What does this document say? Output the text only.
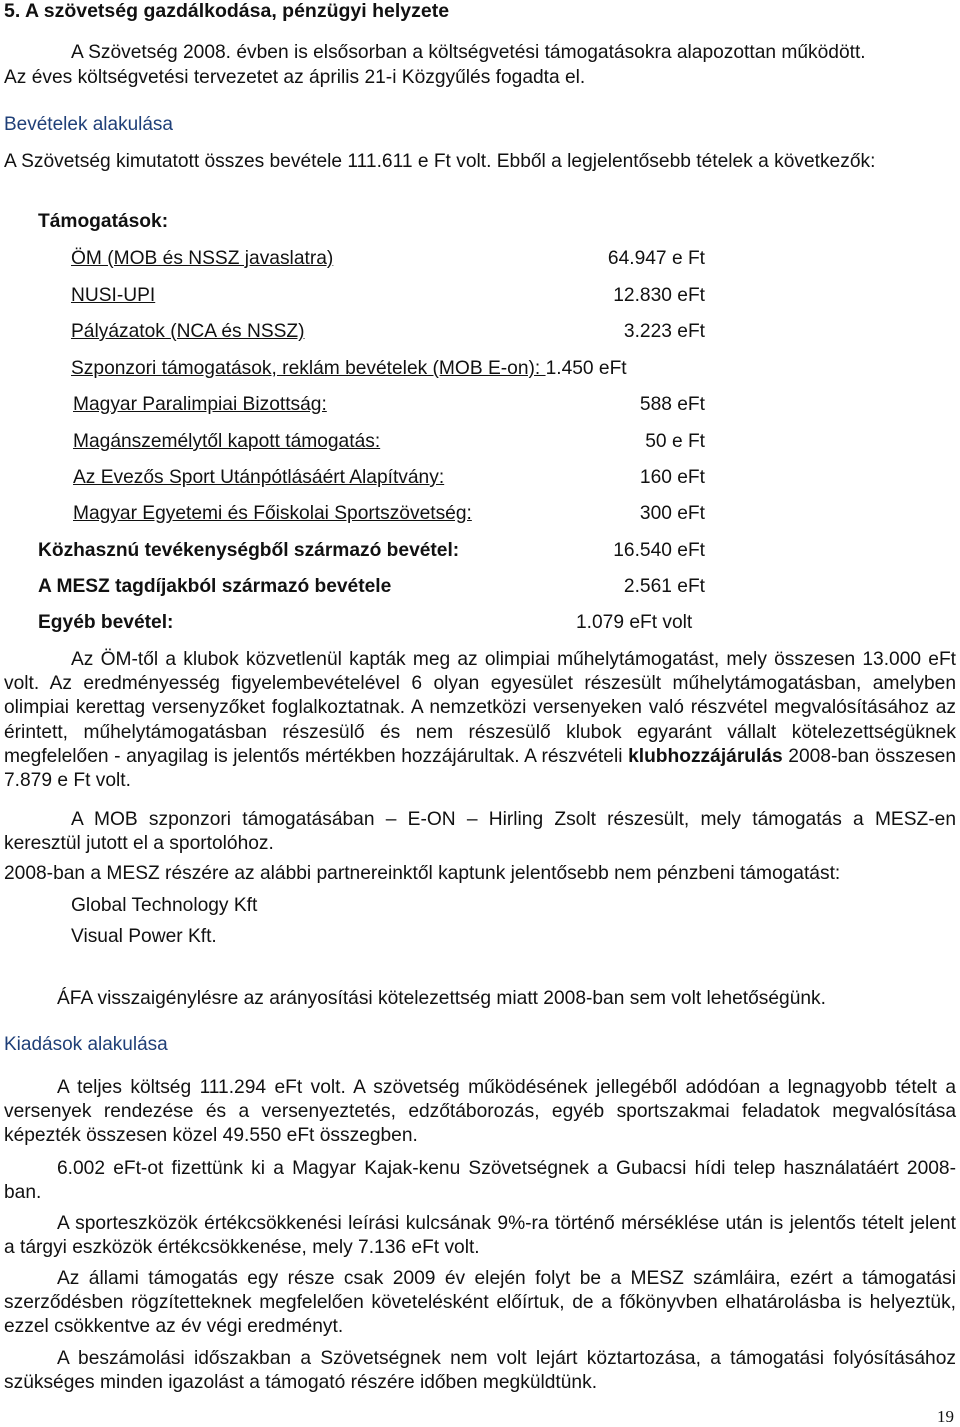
5. A szövetség gazdálkodása, pénzügyi helyzete
A Szövetség 2008. évben is elsősorban a költségvetési támogatásokra alapozottan működött.
Az éves költségvetési tervezetet az április 21-i Közgyűlés fogadta el.
Bevételek alakulása
A Szövetség kimutatott összes bevétele 111.611 e Ft volt. Ebből a legjelentősebb tételek a következők:
Támogatások:
ÖM (MOB és NSSZ javaslatra)	64.947 e Ft
NUSI-UPI	12.830 eFt
Pályázatok (NCA és NSSZ)	3.223 eFt
Szponzori támogatások, reklám bevételek (MOB E-on): 1.450 eFt
Magyar Paralimpiai Bizottság:	588 eFt
Magánszemélytől kapott támogatás:	50 e Ft
Az Evezős Sport Utánpótlásáért Alapítvány:	160 eFt
Magyar Egyetemi és Főiskolai Sportszövetség:	300 eFt
Közhasznú tevékenységből származó bevétel:	16.540 eFt
A MESZ tagdíjakból származó bevétele	2.561 eFt
Egyéb bevétel:	1.079 eFt volt
Az ÖM-től a klubok közvetlenül kapták meg az olimpiai műhelytámogatást, mely összesen 13.000 eFt volt. Az eredményesség figyelembevételével 6 olyan egyesület részesült műhelytámogatásban, amelyben olimpiai kerettag versenyzőket foglalkoztatnak. A nemzetközi versenyeken való részvétel megvalósításához az érintett, műhelytámogatásban részesülő és nem részesülő klubok egyaránt vállalt kötelezettségüknek megfelelően - anyagilag is jelentős mértékben hozzájárultak. A részvételi klubhozzájárulás 2008-ban összesen 7.879 e Ft volt.
A MOB szponzori támogatásában – E-ON – Hirling Zsolt részesült, mely támogatás a MESZ-en keresztül jutott el a sportolóhoz.
2008-ban a MESZ részére az alábbi partnereinktől kaptunk jelentősebb nem pénzbeni támogatást:
Global Technology Kft
Visual Power Kft.
ÁFA visszaigénylésre az arányosítási kötelezettség miatt 2008-ban sem volt lehetőségünk.
Kiadások alakulása
A teljes költség 111.294 eFt volt. A szövetség működésének jellegéből adódóan a legnagyobb tételt a versenyek rendezése és a versenyeztetés, edzőtáborozás, egyéb sportszakmai feladatok megvalósítása képezték összesen közel 49.550 eFt összegben.
6.002 eFt-ot fizettünk ki a Magyar Kajak-kenu Szövetségnek a Gubacsi hídi telep használatáért 2008-ban.
A sporteszközök értékcsökkenési leírási kulcsának 9%-ra történő mérséklése után is jelentős tételt jelent a tárgyi eszközök értékcsökkenése, mely 7.136 eFt volt.
Az állami támogatás egy része csak 2009 év elején folyt be a MESZ számláira, ezért a támogatási szerződésben rögzítetteknek megfelelően követelésként előírtuk, de a főkönyvben elhatárolásba is helyeztük, ezzel csökkentve az év végi eredményt.
A beszámolási időszakban a Szövetségnek nem volt lejárt köztartozása, a támogatási folyósításához szükséges minden igazolást a támogató részére időben megküldtünk.
19
